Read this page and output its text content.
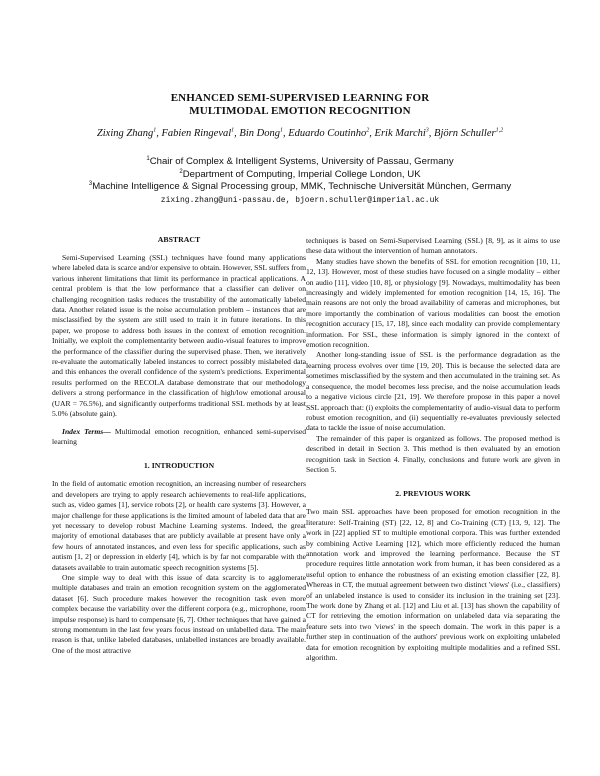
ENHANCED SEMI-SUPERVISED LEARNING FOR
MULTIMODAL EMOTION RECOGNITION
Zixing Zhang$^1$, Fabien Ringeval$^1$, Bin Dong$^1$, Eduardo Coutinho$^2$, Erik Marchi$^3$, Björn Schuller$^{1,2}$
$^1$Chair of Complex & Intelligent Systems, University of Passau, Germany
$^2$Department of Computing, Imperial College London, UK
$^3$Machine Intelligence & Signal Processing group, MMK, Technische Universität München, Germany
zixing.zhang@uni-passau.de, bjoern.schuller@imperial.ac.uk
ABSTRACT

Semi-Supervised Learning (SSL) techniques have found many applications where labeled data is scarce and/or expensive to obtain. However, SSL suffers from various inherent limitations that limit its performance in practical applications. A central problem is that the low performance that a classifier can deliver on challenging recognition tasks reduces the trustability of the automatically labeled data. Another related issue is the noise accumulation problem – instances that are misclassified by the system are still used to train it in future iterations. In this paper, we propose to address both issues in the context of emotion recognition. Initially, we exploit the complementarity between audio-visual features to improve the performance of the classifier during the supervised phase. Then, we iteratively re-evaluate the automatically labeled instances to correct possibly mislabeled data and this enhances the overall confidence of the system's predictions. Experimental results performed on the RECOLA database demonstrate that our methodology delivers a strong performance in the classification of high/low emotional arousal (UAR = 76.5%), and significantly outperforms traditional SSL methods by at least 5.0% (absolute gain).

Index Terms— Multimodal emotion recognition, enhanced semi-supervised learning

1. INTRODUCTION

In the field of automatic emotion recognition, an increasing number of researchers and developers are trying to apply research achievements to real-life applications, such as, video games [1], service robots [2], or health care systems [3]. However, a major challenge for these applications is the limited amount of labeled data that are yet necessary to develop robust Machine Learning systems. Indeed, the great majority of emotional databases that are publicly available at present have only a few hours of annotated instances, and even less for specific applications, such as autism [1, 2] or depression in elderly [4], which is by far not comparable with the datasets available to train automatic speech recognition systems [5].

One simple way to deal with this issue of data scarcity is to agglomerate multiple databases and train an emotion recognition system on the agglomerated dataset [6]. Such procedure makes however the recognition task even more complex because the variability over the different corpora (e.g., microphone, room impulse response) is hard to compensate [6, 7]. Other techniques that have gained a strong momentum in the last few years focus instead on unlabelled data. The main reason is that, unlike labeled databases, unlabelled instances are broadly available. One of the most attractive

techniques is based on Semi-Supervised Learning (SSL) [8, 9], as it aims to use these data without the intervention of human annotators.

Many studies have shown the benefits of SSL for emotion recognition [10, 11, 12, 13]. However, most of these studies have focused on a single modality – either on audio [11], video [10, 8], or physiology [9]. Nowadays, multimodality has been increasingly and widely implemented for emotion recognition [14, 15, 16]. The main reasons are not only the broad availability of cameras and microphones, but more importantly the combination of various modalities can boost the emotion recognition accuracy [15, 17, 18], since each modality can provide complementary information. For SSL, these information is simply ignored in the context of emotion recognition.

Another long-standing issue of SSL is the performance degradation as the learning process evolves over time [19, 20]. This is because the selected data are sometimes misclassified by the system and then accumulated in the training set. As a consequence, the model becomes less precise, and the noise accumulation leads to a negative vicious circle [21, 19]. We therefore propose in this paper a novel SSL approach that: (i) exploits the complementarity of audio-visual data to perform robust emotion recognition, and (ii) sequentially re-evaluates previously selected data to tackle the issue of noise accumulation.

The remainder of this paper is organized as follows. The proposed method is described in detail in Section 3. This method is then evaluated by an emotion recognition task in Section 4. Finally, conclusions and future work are given in Section 5.

2. PREVIOUS WORK

Two main SSL approaches have been proposed for emotion recognition in the literature: Self-Training (ST) [22, 12, 8] and Co-Training (CT) [13, 9, 12]. The work in [22] applied ST to multiple emotional corpora. This was further extended by combining Active Learning [12], which more efficiently reduced the human annotation work and improved the learning performance. Because the ST procedure requires little annotation work from human, it has been considered as a useful option to enhance the robustness of an existing emotion classifier [22, 8]. Whereas in CT, the mutual agreement between two distinct 'views' (i.e., classifiers) of an unlabeled instance is used to consider its inclusion in the training set [23]. The work done by Zhang et al. [12] and Liu et al. [13] has shown the capability of CT for retrieving the emotion information on unlabeled data via separating the feature sets into two 'views' in the speech domain. The work in this paper is a further step in continuation of the authors' previous work on exploiting unlabeled data for emotion recognition by exploiting multiple modalities and a refined SSL algorithm.
